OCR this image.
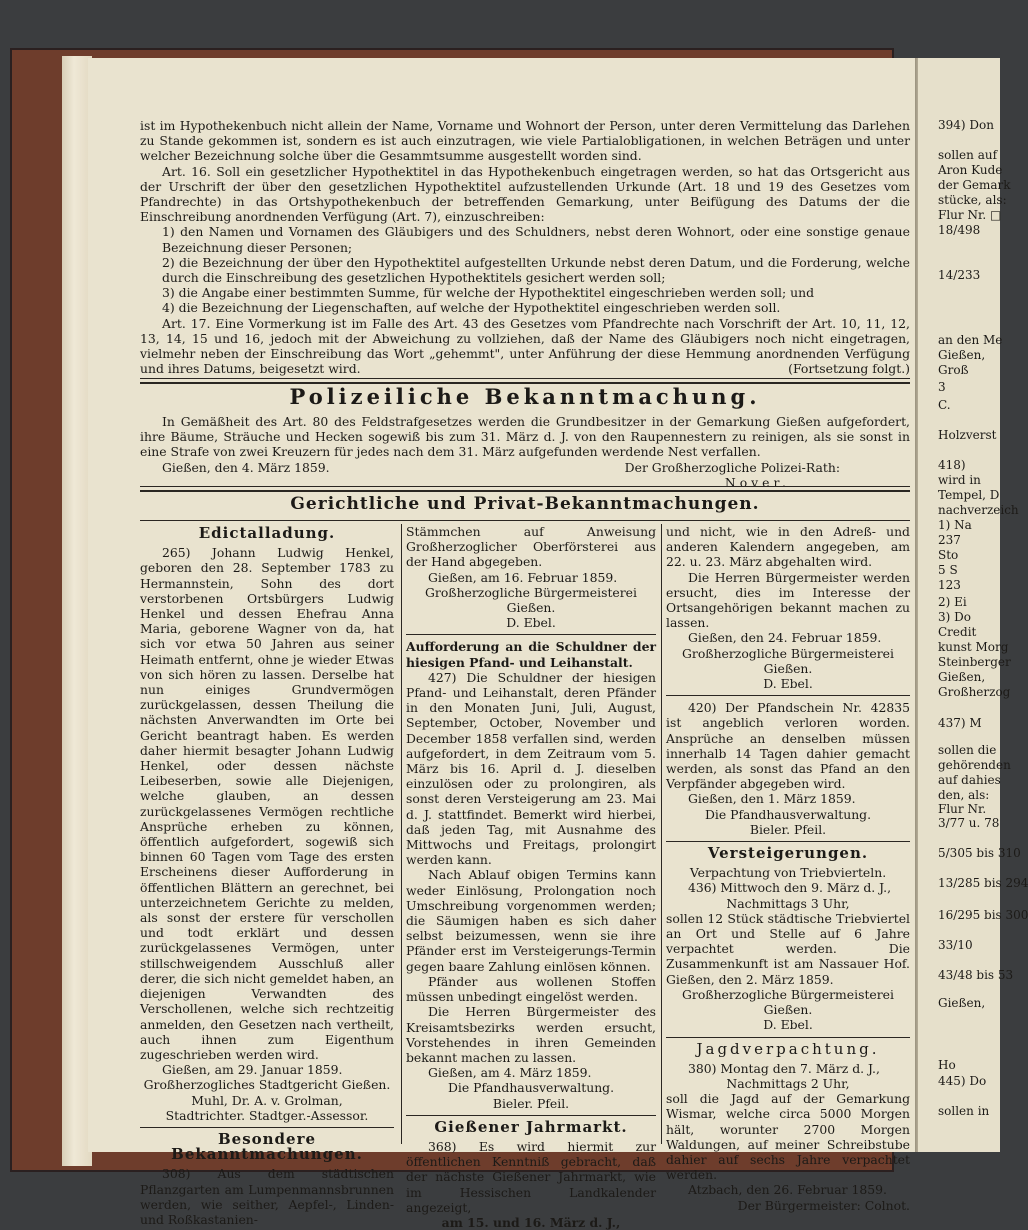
ist im Hypothekenbuch nicht allein der Name, Vorname und Wohnort der Person, unter deren Vermittelung das Darlehen zu Stande gekommen ist, sondern es ist auch einzutragen, wie viele Partialobligationen, in welchen Beträgen und unter welcher Bezeichnung solche über die Gesammtsumme ausgestellt worden sind.

Art. 16. Soll ein gesetzlicher Hypothektitel in das Hypothekenbuch eingetragen werden, so hat das Ortsgericht aus der Urschrift der über den gesetzlichen Hypothektitel aufzustellenden Urkunde (Art. 18 und 19 des Gesetzes vom Pfandrechte) in das Ortshypothekenbuch der betreffenden Gemarkung, unter Beifügung des Datums der die Einschreibung anordnenden Verfügung (Art. 7), einzuschreiben:

1) den Namen und Vornamen des Gläubigers und des Schuldners, nebst deren Wohnort, oder eine sonstige genaue Bezeichnung dieser Personen;

2) die Bezeichnung der über den Hypothektitel aufgestellten Urkunde nebst deren Datum, und die Forderung, welche durch die Einschreibung des gesetzlichen Hypothektitels gesichert werden soll;

3) die Angabe einer bestimmten Summe, für welche der Hypothektitel eingeschrieben werden soll; und

4) die Bezeichnung der Liegenschaften, auf welche der Hypothektitel eingeschrieben werden soll.

Art. 17. Eine Vormerkung ist im Falle des Art. 43 des Gesetzes vom Pfandrechte nach Vorschrift der Art. 10, 11, 12, 13, 14, 15 und 16, jedoch mit der Abweichung zu vollziehen, daß der Name des Gläubigers noch nicht eingetragen, vielmehr neben der Einschreibung das Wort „gehemmt", unter Anführung der diese Hemmung anordnenden Verfügung und ihres Datums, beigesetzt wird.	(Fortsetzung folgt.)

Polizeiliche Bekanntmachung.

In Gemäßheit des Art. 80 des Feldstrafgesetzes werden die Grundbesitzer in der Gemarkung Gießen aufgefordert, ihre Bäume, Sträuche und Hecken sogewiß bis zum 31. März d. J. von den Raupennestern zu reinigen, als sie sonst in eine Strafe von zwei Kreuzern für jedes nach dem 31. März aufgefunden werdende Nest verfallen.

Gießen, den 4. März 1859.	Der Großherzogliche Polizei-Rath:
Nover.
Gerichtliche und Privat-Bekanntmachungen.
Edictalladung.

265) Johann Ludwig Henkel, geboren den 28. September 1783 zu Hermannstein, Sohn des dort verstorbenen Ortsbürgers Ludwig Henkel und dessen Ehefrau Anna Maria, geborene Wagner von da, hat sich vor etwa 50 Jahren aus seiner Heimath entfernt, ohne je wieder Etwas von sich hören zu lassen. Derselbe hat nun einiges Grundvermögen zurückgelassen, dessen Theilung die nächsten Anverwandten im Orte bei Gericht beantragt haben. Es werden daher hiermit besagter Johann Ludwig Henkel, oder dessen nächste Leibeserben, sowie alle Diejenigen, welche glauben, an dessen zurückgelassenes Vermögen rechtliche Ansprüche erheben zu können, öffentlich aufgefordert, sogewiß sich binnen 60 Tagen vom Tage des ersten Erscheinens dieser Aufforderung in öffentlichen Blättern an gerechnet, bei unterzeichnetem Gerichte zu melden, als sonst der erstere für verschollen und todt erklärt und dessen zurückgelassenes Vermögen, unter stillschweigendem Ausschluß aller derer, die sich nicht gemeldet haben, an diejenigen Verwandten des Verschollenen, welche sich rechtzeitig anmelden, den Gesetzen nach vertheilt, auch ihnen zum Eigenthum zugeschrieben werden wird.

Gießen, am 29. Januar 1859.

Großherzogliches Stadtgericht Gießen.

Muhl, Dr. A. v. Grolman,

Stadtrichter. Stadtger.-Assessor.

Besondere Bekanntmachungen.

308) Aus dem städtischen Pflanzgarten am Lumpenmannsbrunnen werden, wie seither, Aepfel-, Linden- und Roßkastanien-

Stämmchen auf Anweisung Großherzoglicher Oberförsterei aus der Hand abgegeben.

Gießen, am 16. Februar 1859.

Großherzogliche Bürgermeisterei Gießen.

D. Ebel.

Aufforderung an die Schuldner der hiesigen Pfand- und Leihanstalt.

427) Die Schuldner der hiesigen Pfand- und Leihanstalt, deren Pfänder in den Monaten Juni, Juli, August, September, October, November und December 1858 verfallen sind, werden aufgefordert, in dem Zeitraum vom 5. März bis 16. April d. J. dieselben einzulösen oder zu prolongiren, als sonst deren Versteigerung am 23. Mai d. J. stattfindet. Bemerkt wird hierbei, daß jeden Tag, mit Ausnahme des Mittwochs und Freitags, prolongirt werden kann.

Nach Ablauf obigen Termins kann weder Einlösung, Prolongation noch Umschreibung vorgenommen werden; die Säumigen haben es sich daher selbst beizumessen, wenn sie ihre Pfänder erst im Versteigerungs-Termin gegen baare Zahlung einlösen können.

Pfänder aus wollenen Stoffen müssen unbedingt eingelöst werden.

Die Herren Bürgermeister des Kreisamtsbezirks werden ersucht, Vorstehendes in ihren Gemeinden bekannt machen zu lassen.

Gießen, am 4. März 1859.

Die Pfandhausverwaltung.

Bieler. Pfeil.

Gießener Jahrmarkt.

368) Es wird hiermit zur öffentlichen Kenntniß gebracht, daß der nächste Gießener Jahrmarkt, wie im Hessischen Landkalender angezeigt,

am 15. und 16. März d. J.,

und nicht, wie in den Adreß- und anderen Kalendern angegeben, am 22. u. 23. März abgehalten wird.

Die Herren Bürgermeister werden ersucht, dies im Interesse der Ortsangehörigen bekannt machen zu lassen.

Gießen, den 24. Februar 1859.

Großherzogliche Bürgermeisterei Gießen.

D. Ebel.

420) Der Pfandschein Nr. 42835 ist angeblich verloren worden. Ansprüche an denselben müssen innerhalb 14 Tagen dahier gemacht werden, als sonst das Pfand an den Verpfänder abgegeben wird.

Gießen, den 1. März 1859.

Die Pfandhausverwaltung.

Bieler. Pfeil.

Versteigerungen.

Verpachtung von Triebvierteln.

436) Mittwoch den 9. März d. J.,

Nachmittags 3 Uhr,

sollen 12 Stück städtische Triebviertel an Ort und Stelle auf 6 Jahre verpachtet werden. Die Zusammenkunft ist am Nassauer Hof. Gießen, den 2. März 1859.

Großherzogliche Bürgermeisterei Gießen.

D. Ebel.

Jagdverpachtung.

380) Montag den 7. März d. J.,

Nachmittags 2 Uhr,

soll die Jagd auf der Gemarkung Wismar, welche circa 5000 Morgen hält, worunter 2700 Morgen Waldungen, auf meiner Schreibstube dahier auf sechs Jahre verpachtet werden.

Atzbach, den 26. Februar 1859.

Der Bürgermeister: Colnot.

394) Don
sollen auf
Aron Kude
der Gemark
stücke, als:
Flur Nr. □
18/498
14/233
an den Me
Gießen,
Groß
3
C.
Holzverst
418)
wird in
Tempel, D
nachverzeich
1) Na
237
Sto
5 S
123
2) Ei
3) Do
Credit
kunst Morg
Steinberger
Gießen,
Großherzog
437) M
sollen die
gehörenden
auf dahies
den, als:
Flur Nr.
3/77 u. 78
5/305 bis 310
13/285 bis 294
16/295 bis 300
33/10
43/48 bis 53
Gießen,
Ho
445) Do
sollen in
